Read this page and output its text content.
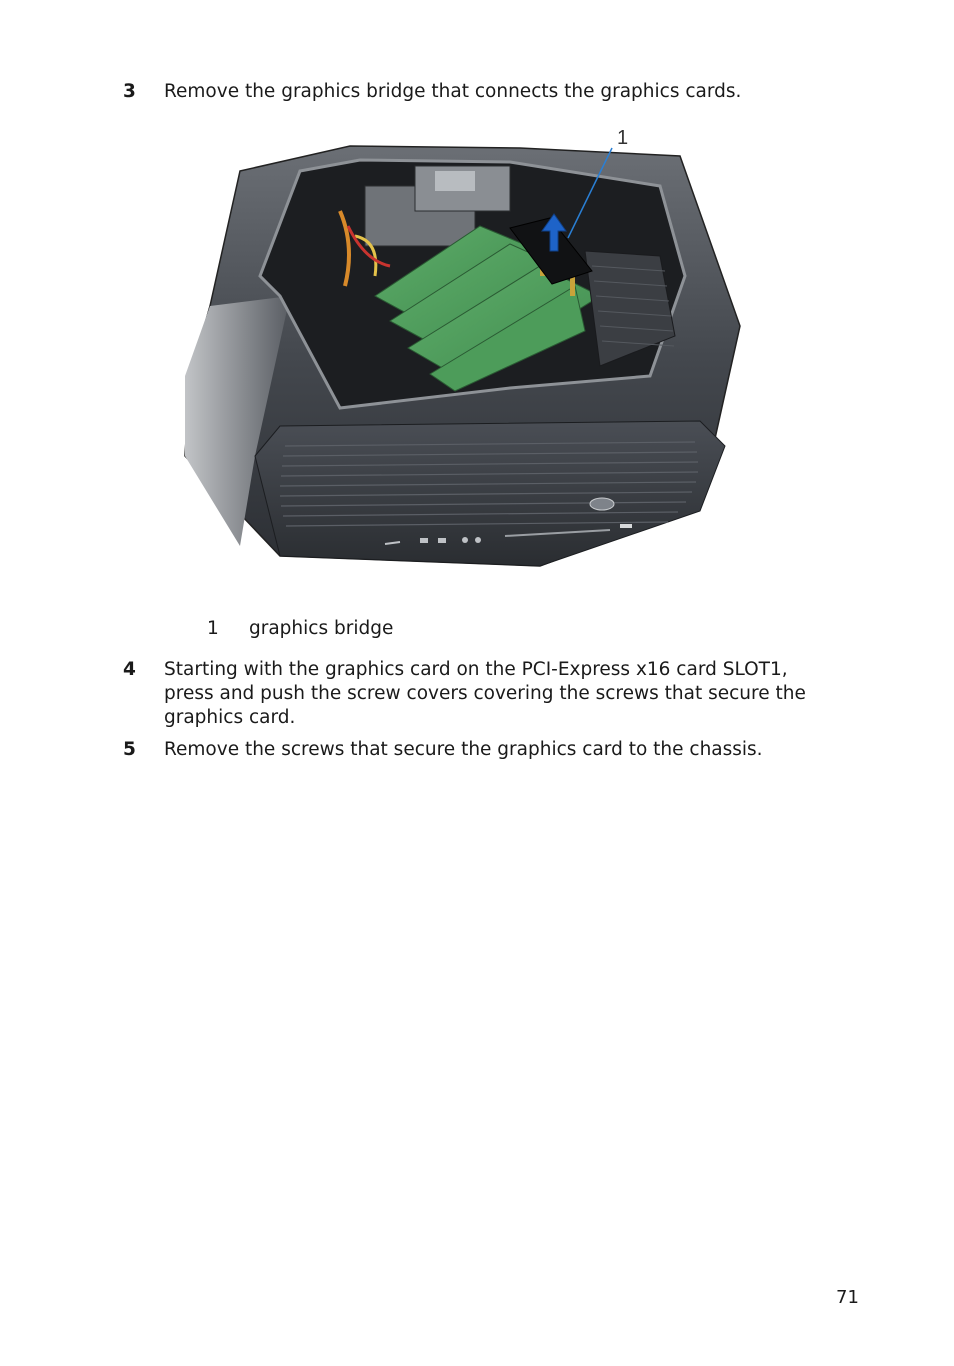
3	Remove the graphics bridge that connects the graphics cards.
1
1 graphics bridge
4	Starting with the graphics card on the PCI-Express x16 card SLOT1, press and push the screw covers covering the screws that secure the graphics card.
5	Remove the screws that secure the graphics card to the chassis.
71
